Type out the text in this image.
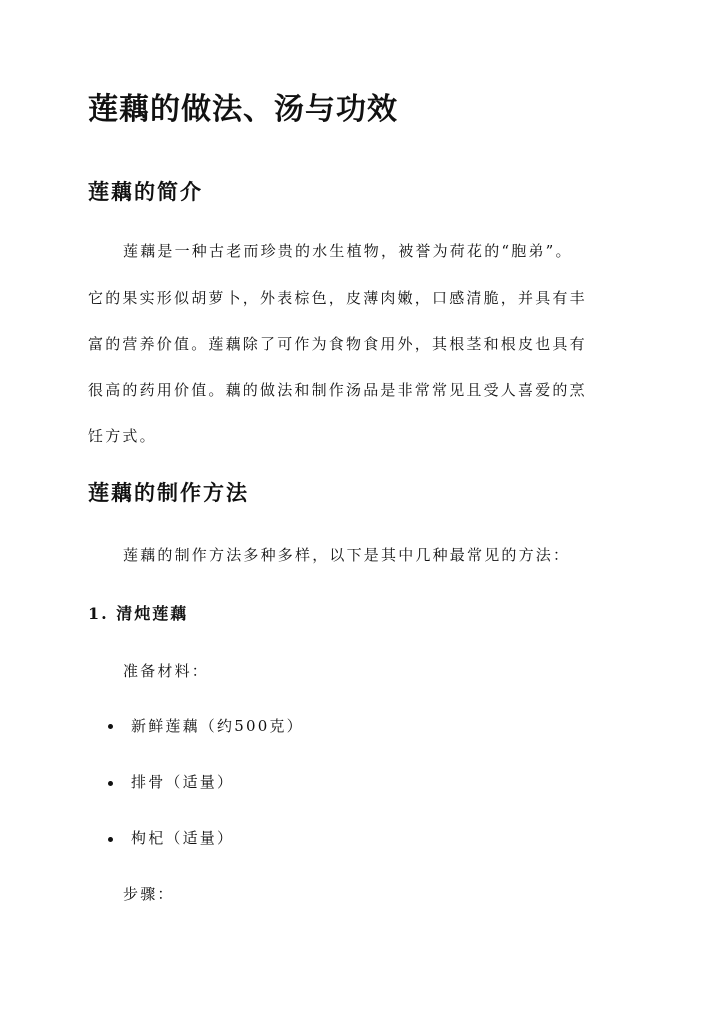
莲藕的做法、汤与功效
莲藕的简介
莲藕是一种古老而珍贵的水生植物，被誉为荷花的“胞弟”。
它的果实形似胡萝卜，外表棕色，皮薄肉嫩，口感清脆，并具有丰
富的营养价值。莲藕除了可作为食物食用外，其根茎和根皮也具有
很高的药用价值。藕的做法和制作汤品是非常常见且受人喜爱的烹
饪方式。
莲藕的制作方法
莲藕的制作方法多种多样，以下是其中几种最常见的方法：
1. 清炖莲藕
准备材料：
新鲜莲藕（约500克）
排骨（适量）
枸杞（适量）
步骤：
